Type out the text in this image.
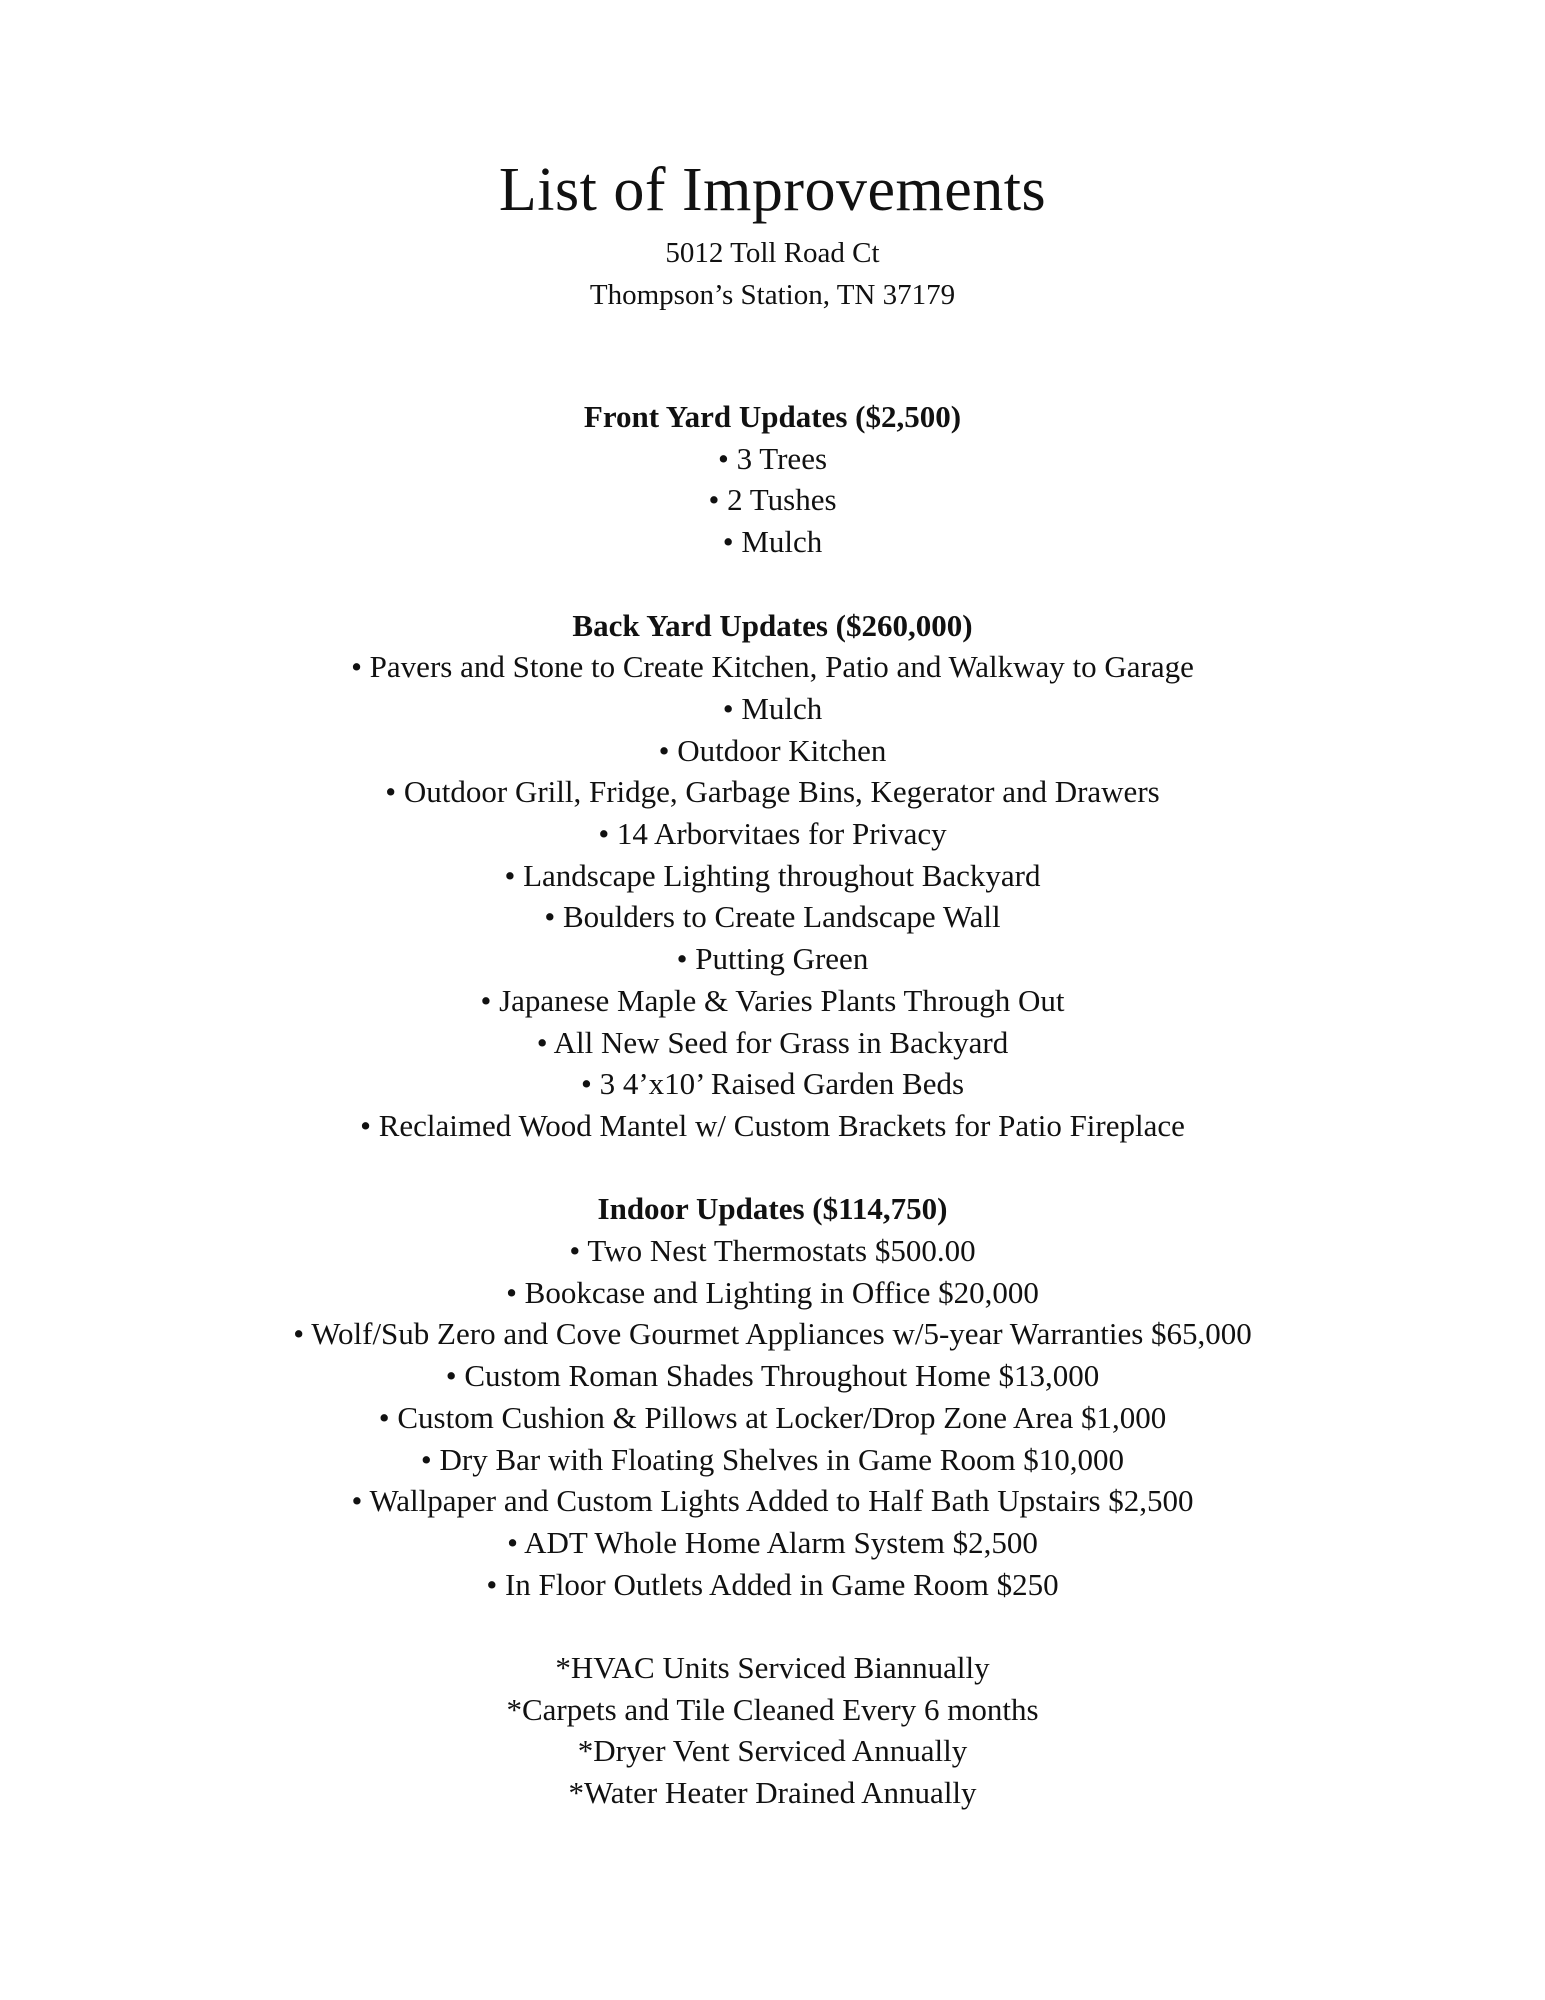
List of Improvements
5012 Toll Road Ct
Thompson’s Station, TN 37179
Front Yard Updates ($2,500)
• 3 Trees
• 2 Tushes
• Mulch
Back Yard Updates ($260,000)
• Pavers and Stone to Create Kitchen, Patio and Walkway to Garage
• Mulch
• Outdoor Kitchen
• Outdoor Grill, Fridge, Garbage Bins, Kegerator and Drawers
• 14 Arborvitaes for Privacy
• Landscape Lighting throughout Backyard
• Boulders to Create Landscape Wall
• Putting Green
• Japanese Maple & Varies Plants Through Out
• All New Seed for Grass in Backyard
• 3 4’x10’ Raised Garden Beds
• Reclaimed Wood Mantel w/ Custom Brackets for Patio Fireplace
Indoor Updates ($114,750)
• Two Nest Thermostats $500.00
• Bookcase and Lighting in Office $20,000
• Wolf/Sub Zero and Cove Gourmet Appliances w/5-year Warranties $65,000
• Custom Roman Shades Throughout Home $13,000
• Custom Cushion & Pillows at Locker/Drop Zone Area $1,000
• Dry Bar with Floating Shelves in Game Room $10,000
• Wallpaper and Custom Lights Added to Half Bath Upstairs $2,500
• ADT Whole Home Alarm System $2,500
• In Floor Outlets Added in Game Room $250
*HVAC Units Serviced Biannually
*Carpets and Tile Cleaned Every 6 months
*Dryer Vent Serviced Annually
*Water Heater Drained Annually
